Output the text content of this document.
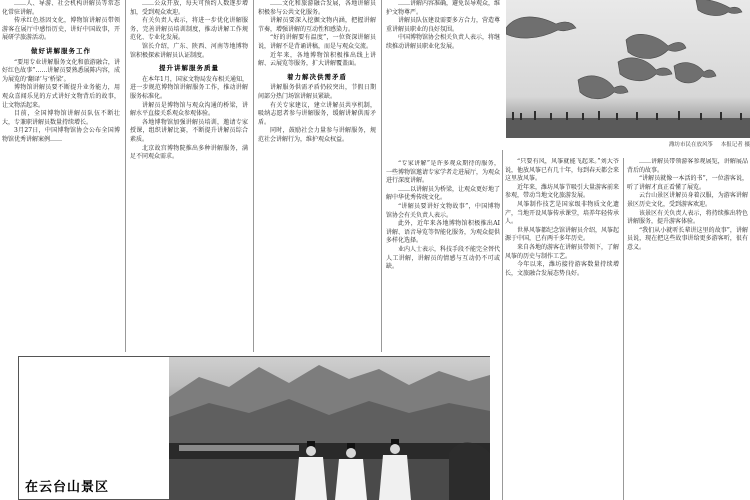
……人、导游、社会机构讲解员等常态化常驻讲解。

传承红色基因文化，博物馆讲解员带领游客在展厅中感悟历史，讲好中国故事，开展研学旅游活动。

做好讲解服务工作

“要用专业讲解服务文化和旅游融合，讲好红色故事”……讲解员要熟悉展陈内容，成为展览的‘翻译’与‘桥梁’。

博物馆讲解员要不断提升业务能力，用观众喜闻乐见的方式讲好文物背后的故事，让文物活起来。

目前，全国博物馆讲解员队伍不断壮大，专兼职讲解员数量持续增长。

3月27日，中国博物馆协会公布全国博物馆优秀讲解案例……

……公众开放，每天可预约人数逐步增加，受到观众欢迎。

有关负责人表示，将进一步优化讲解服务，完善讲解员培训制度，推动讲解工作规范化、专业化发展。

馆长介绍，广东、陕西、河南等地博物馆积极探索讲解员认证制度。

提升讲解服务质量

在本年1月，国家文物局发布相关通知，进一步规范博物馆讲解服务工作，推动讲解服务标准化。

讲解员是博物馆与观众沟通的桥梁，讲解水平直接关系观众参观体验。

各地博物馆加强讲解员培训，邀请专家授课，组织讲解比赛，不断提升讲解员综合素质。

北京故宫博物院推出多种讲解服务，满足不同观众需求。

……文化和旅游融合发展，各地讲解员积极参与公共文化服务。

讲解员要深入挖掘文物内涵，把握讲解节奏，增强讲解的互动性和感染力。

“好的讲解要有温度”，一位资深讲解员说，讲解不是背诵讲稿，而是与观众交流。

近年来，各地博物馆积极推出线上讲解、云展览等服务，扩大讲解覆盖面。

着力解决供需矛盾

讲解服务供需矛盾仍较突出，节假日期间部分热门场馆讲解员紧缺。

有关专家建议，建立讲解员共享机制，吸纳志愿者参与讲解服务，缓解讲解供需矛盾。

同时，鼓励社会力量参与讲解服务，规范社会讲解行为，维护观众权益。

……讲解内容准确，避免误导观众，维护文物尊严。

讲解员队伍建设需要多方合力，营造尊重讲解员职业的良好氛围。

中国博物馆协会相关负责人表示，将继续推动讲解员职业化发展。

“专家讲解”是许多观众期待的服务，一些博物馆邀请专家学者走进展厅，为观众进行深度讲解。

……以讲解员为桥梁，让观众更好地了解中华优秀传统文化。

“讲解员要讲好文物故事”，中国博物馆协会有关负责人表示。

此外，近年来各地博物馆积极推出AI讲解、语音导览等智能化服务，为观众提供多样化选择。

业内人士表示，科技手段不能完全替代人工讲解，讲解员的情感与互动仍不可或缺。

潍坊市民在放风筝 本报记者 摄

“只要有风，风筝就能飞起来。”刘大爷说，他放风筝已有几十年，每到春天都会来这里放风筝。

近年来，潍坊风筝节吸引大量游客前来参观，带动当地文化旅游发展。

风筝制作技艺是国家级非物质文化遗产，当地开设风筝传承课堂，培养年轻传承人。

世界风筝都纪念馆讲解员介绍，风筝起源于中国，已有两千多年历史。

来自各地的游客在讲解员带领下，了解风筝的历史与制作工艺。

今年以来，潍坊接待游客数量持续增长，文旅融合发展态势良好。

……讲解员带领游客参观展览，讲解展品背后的故事。

“讲解员就像一本活的书”，一位游客说，听了讲解才真正看懂了展览。

云台山景区讲解员身着汉服，为游客讲解景区历史文化，受到游客欢迎。

该景区有关负责人表示，将持续推出特色讲解服务，提升游客体验。

“我们从小就听长辈讲这里的故事”，讲解员说，现在把这些故事讲给更多游客听，很有意义。

在云台山景区
